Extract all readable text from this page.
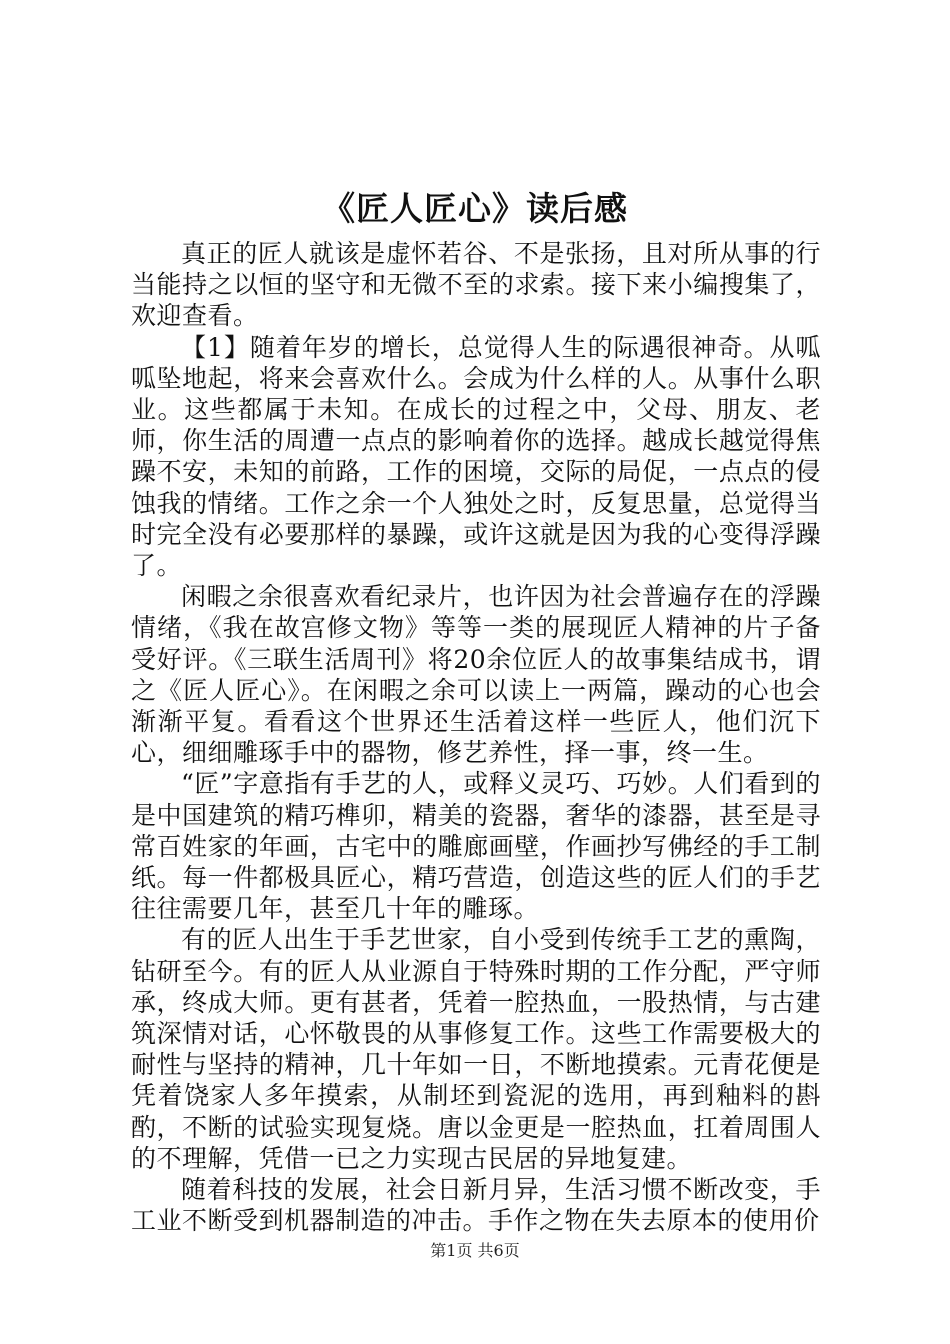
《匠人匠心》读后感

真正的匠人就该是虚怀若谷、不是张扬，且对所从事的行当能持之以恒的坚守和无微不至的求索。接下来小编搜集了，欢迎查看。

【1】随着年岁的增长，总觉得人生的际遇很神奇。从呱呱坠地起，将来会喜欢什么。会成为什么样的人。从事什么职业。这些都属于未知。在成长的过程之中，父母、朋友、老师，你生活的周遭一点点的影响着你的选择。越成长越觉得焦躁不安，未知的前路，工作的困境，交际的局促，一点点的侵蚀我的情绪。工作之余一个人独处之时，反复思量，总觉得当时完全没有必要那样的暴躁，或许这就是因为我的心变得浮躁了。

闲暇之余很喜欢看纪录片，也许因为社会普遍存在的浮躁情绪，《我在故宫修文物》等等一类的展现匠人精神的片子备受好评。《三联生活周刊》将20余位匠人的故事集结成书，谓之《匠人匠心》。在闲暇之余可以读上一两篇，躁动的心也会渐渐平复。看看这个世界还生活着这样一些匠人，他们沉下心，细细雕琢手中的器物，修艺养性，择一事，终一生。

“匠”字意指有手艺的人，或释义灵巧、巧妙。人们看到的是中国建筑的精巧榫卯，精美的瓷器，奢华的漆器，甚至是寻常百姓家的年画，古宅中的雕廊画壁，作画抄写佛经的手工制纸。每一件都极具匠心，精巧营造，创造这些的匠人们的手艺往往需要几年，甚至几十年的雕琢。

有的匠人出生于手艺世家，自小受到传统手工艺的熏陶，钻研至今。有的匠人从业源自于特殊时期的工作分配，严守师承，终成大师。更有甚者，凭着一腔热血，一股热情，与古建筑深情对话，心怀敬畏的从事修复工作。这些工作需要极大的耐性与坚持的精神，几十年如一日，不断地摸索。元青花便是凭着饶家人多年摸索，从制坯到瓷泥的选用，再到釉料的斟酌，不断的试验实现复烧。唐以金更是一腔热血，扛着周围人的不理解，凭借一已之力实现古民居的异地复建。

随着科技的发展，社会日新月异，生活习惯不断改变，手工业不断受到机器制造的冲击。手作之物在失去原本的使用价

第1页 共6页
